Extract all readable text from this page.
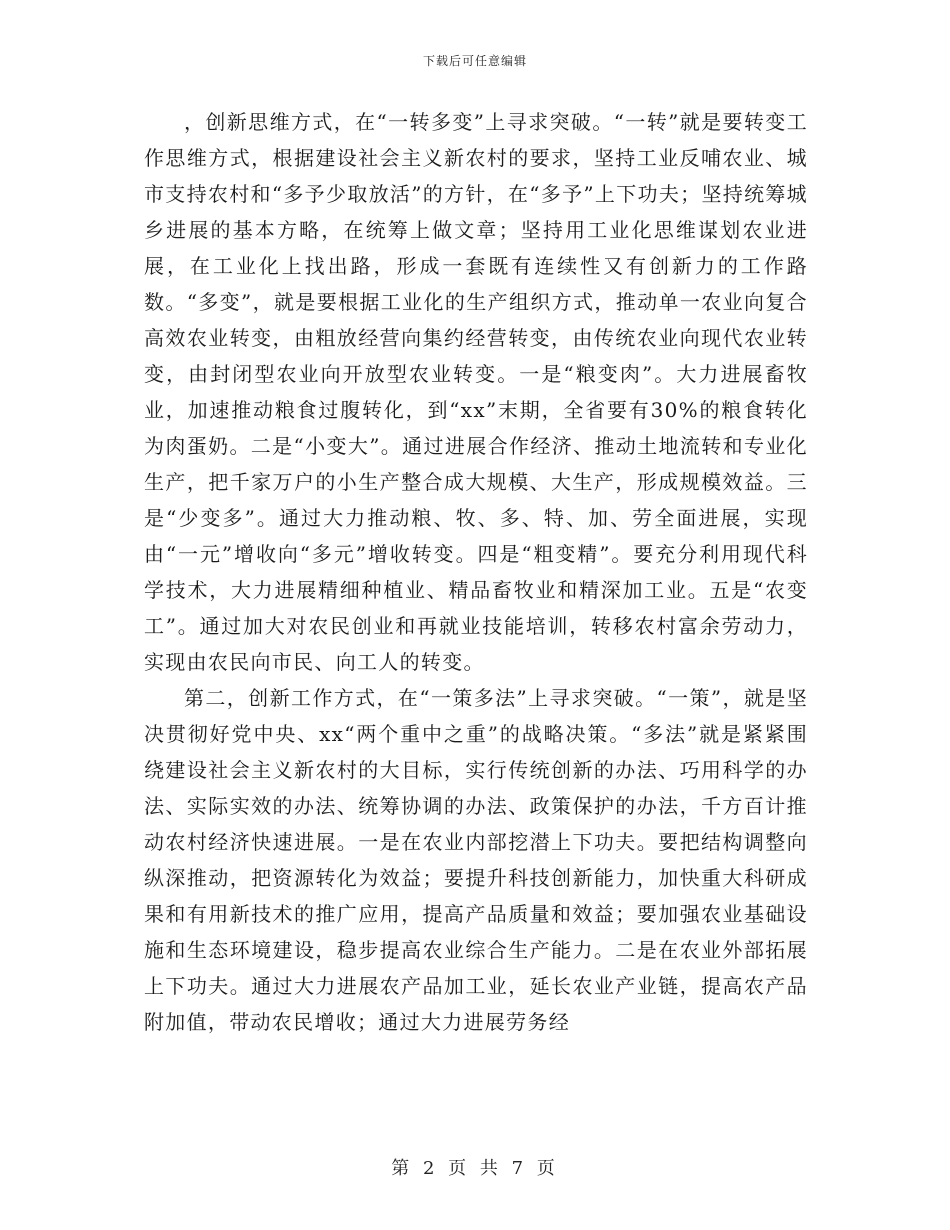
下载后可任意编辑

，创新思维方式，在“一转多变”上寻求突破。“一转”就是要转变工作思维方式，根据建设社会主义新农村的要求，坚持工业反哺农业、城市支持农村和“多予少取放活”的方针，在“多予”上下功夫；坚持统筹城乡进展的基本方略，在统筹上做文章；坚持用工业化思维谋划农业进展，在工业化上找出路，形成一套既有连续性又有创新力的工作路数。“多变”，就是要根据工业化的生产组织方式，推动单一农业向复合高效农业转变，由粗放经营向集约经营转变，由传统农业向现代农业转变，由封闭型农业向开放型农业转变。一是“粮变肉”。大力进展畜牧业，加速推动粮食过腹转化，到“xx”末期，全省要有30%的粮食转化为肉蛋奶。二是“小变大”。通过进展合作经济、推动土地流转和专业化生产，把千家万户的小生产整合成大规模、大生产，形成规模效益。三是“少变多”。通过大力推动粮、牧、多、特、加、劳全面进展，实现由“一元”增收向“多元”增收转变。四是“粗变精”。要充分利用现代科学技术，大力进展精细种植业、精品畜牧业和精深加工业。五是“农变工”。通过加大对农民创业和再就业技能培训，转移农村富余劳动力，实现由农民向市民、向工人的转变。

第二，创新工作方式，在“一策多法”上寻求突破。“一策”，就是坚决贯彻好党中央、xx“两个重中之重”的战略决策。“多法”就是紧紧围绕建设社会主义新农村的大目标，实行传统创新的办法、巧用科学的办法、实际实效的办法、统筹协调的办法、政策保护的办法，千方百计推动农村经济快速进展。一是在农业内部挖潜上下功夫。要把结构调整向纵深推动，把资源转化为效益；要提升科技创新能力，加快重大科研成果和有用新技术的推广应用，提高产品质量和效益；要加强农业基础设施和生态环境建设，稳步提高农业综合生产能力。二是在农业外部拓展上下功夫。通过大力进展农产品加工业，延长农业产业链，提高农产品附加值，带动农民增收；通过大力进展劳务经

第 2 页 共 7 页
